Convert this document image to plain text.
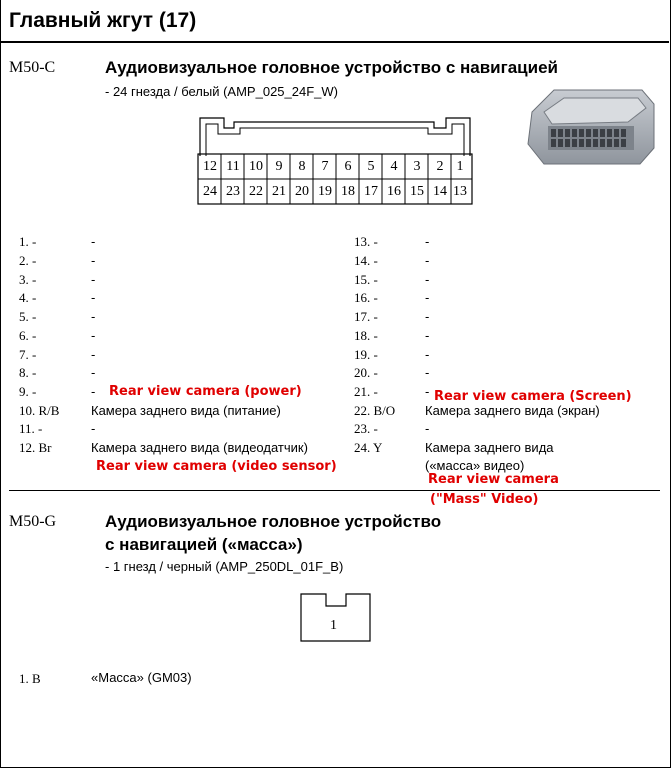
Главный жгут (17)
M50-C	Аудиовизуальное головное устройство с навигацией
- 24 гнезда / белый (AMP_025_24F_W)
12 11 10 9	8	7	6	5	4	3	2 1
24 23 22 21 20 19 18 17 16 15 14 13
1. -	-
2. -	-
3. -	-
4. -	-
5. -	-
6. -	-
7. -	-
8. -	-
9. -	-
10. R/B Камера заднего вида (питание)
11. -	-
12. Br	Камера заднего вида (видеодатчик)
13. -	-
14. -	-
15. -	-
16. -	-
17. -	-
18. -	-
19. -	-
20. -	-
21. -	-
22. B/O Камера заднего вида (экран)
23. -	-
24. Y	Камера заднего вида
(«масса» видео)
Rear view camera (power)	Rear view camera (Screen)
Rear view camera (video sensor)
Rear view camera
("Mass" Video)
M50-G	Аудиовизуальное головное устройство
с навигацией («масса»)
- 1 гнезд / черный (AMP_250DL_01F_B)
1
1. B	«Масса» (GM03)
